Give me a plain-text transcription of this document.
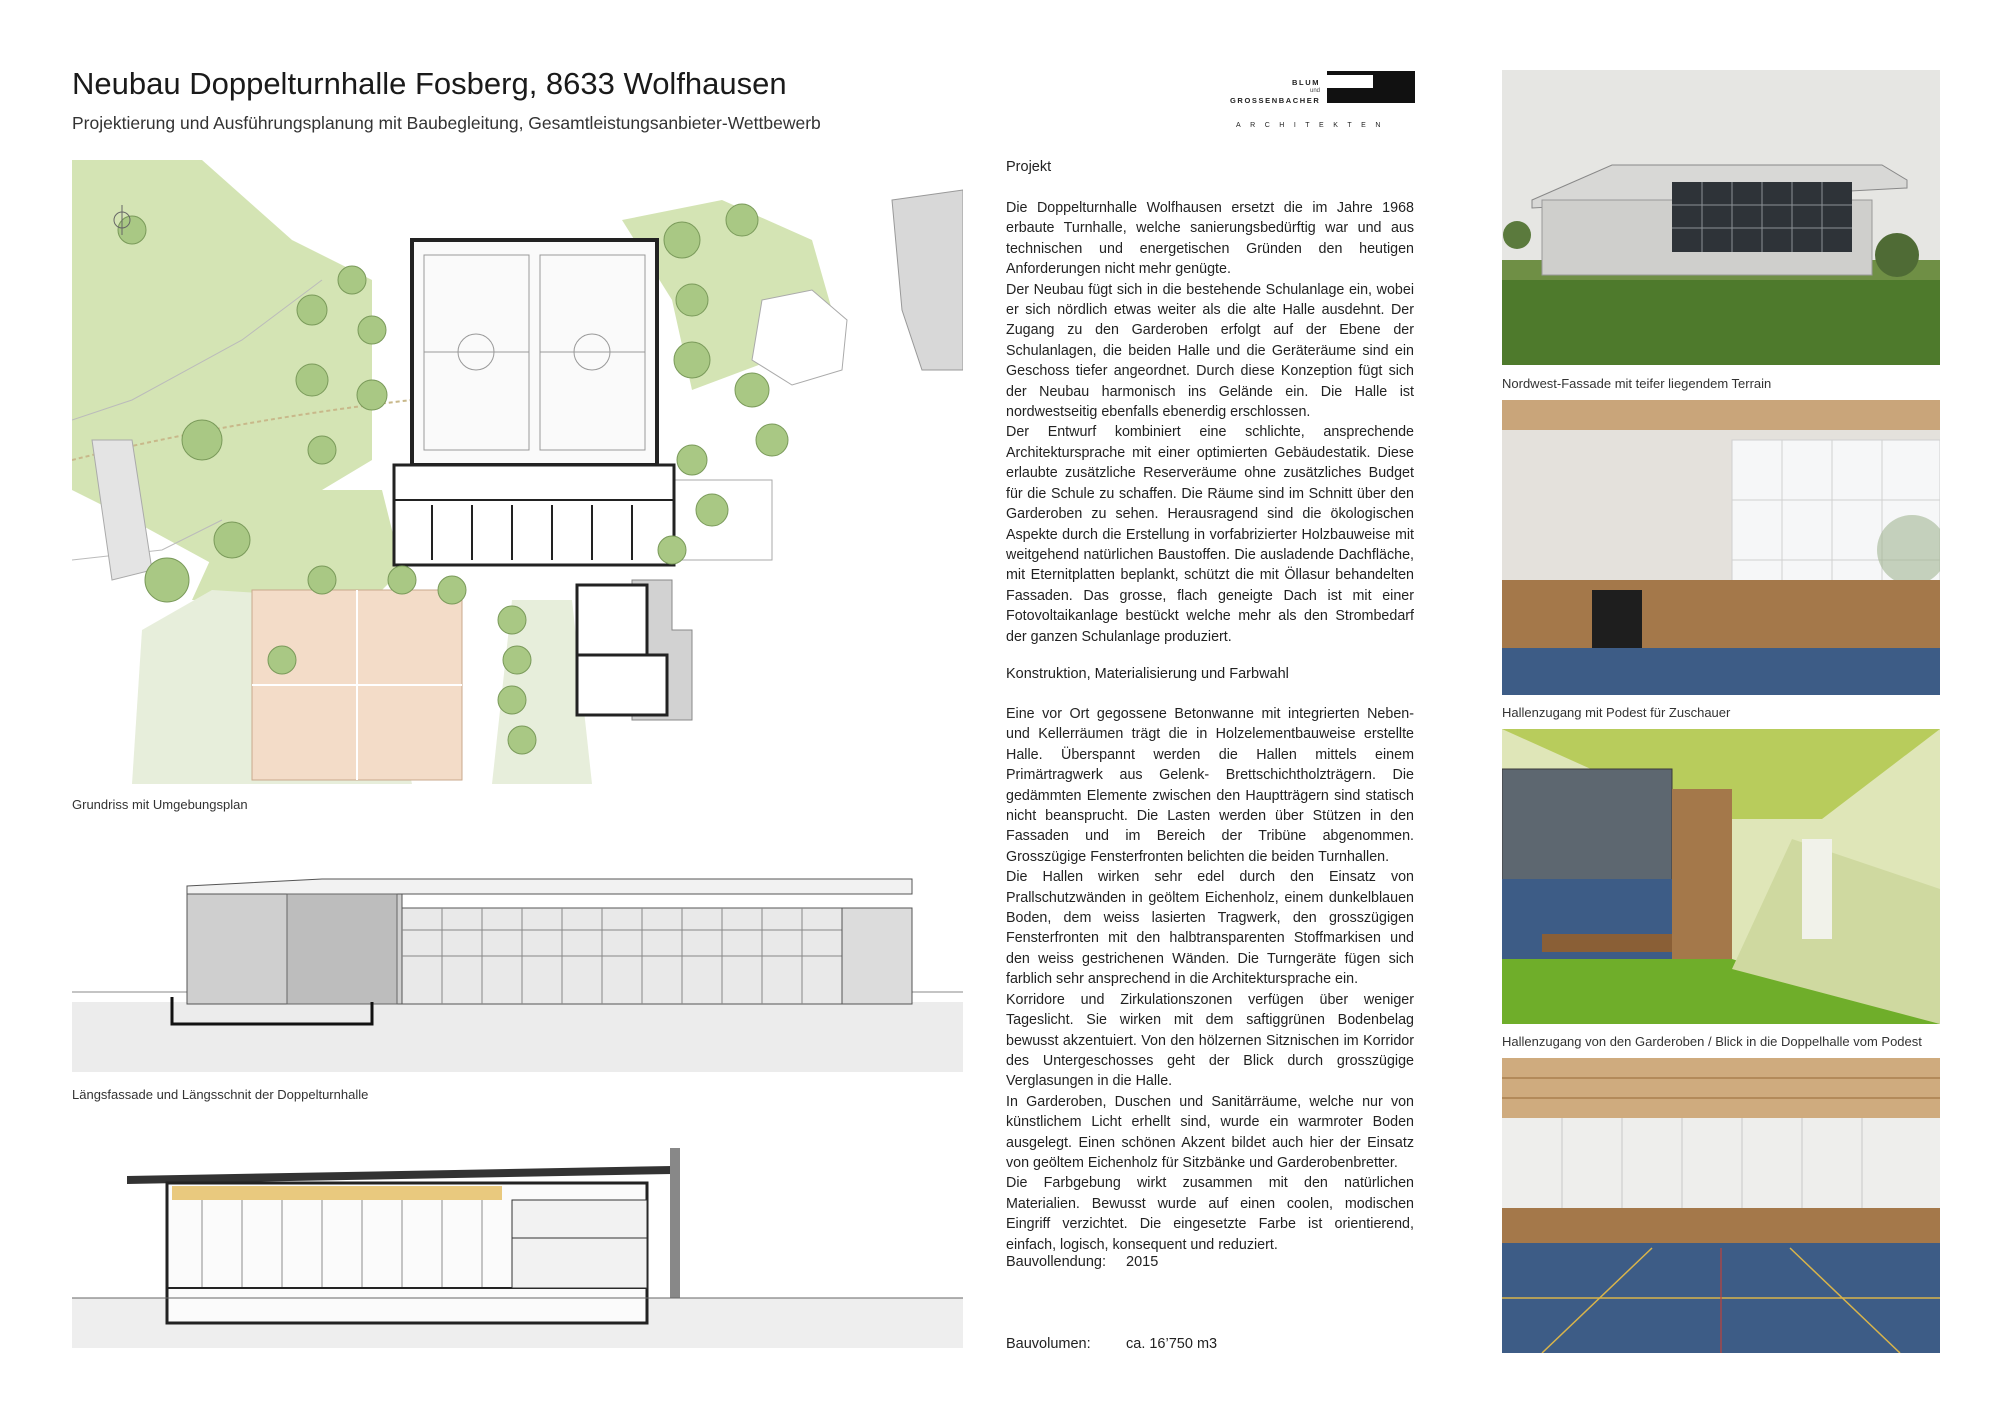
Neubau Doppelturnhalle Fosberg, 8633 Wolfhausen
Projektierung und Ausführungsplanung mit Baubegleitung, Gesamtleistungsanbieter-Wettbewerb
BLUM
und
GROSSENBACHER
ARCHITEKTEN
Grundriss mit Umgebungsplan
Längsfassade und Längsschnit der Doppelturnhalle
Projekt
Die Doppelturnhalle Wolfhausen ersetzt die im Jahre 1968 erbaute Turnhalle, welche sanierungsbedürftig war und aus technischen und energetischen Gründen den heutigen Anforderungen nicht mehr genügte.
Der Neubau fügt sich in die bestehende Schulanlage ein, wobei er sich nördlich etwas weiter als die alte Halle ausdehnt. Der Zugang zu den Garderoben erfolgt auf der Ebene der Schulanlagen, die beiden Halle und die Geräteräume sind ein Geschoss tiefer angeordnet. Durch diese Konzeption fügt sich der Neubau harmonisch ins Gelände ein. Die Halle ist nordwestseitig ebenfalls ebenerdig erschlossen.
Der Entwurf kombiniert eine schlichte, ansprechende Architektursprache mit einer optimierten Gebäudestatik. Diese erlaubte zusätzliche Reserveräume ohne zusätzliches Budget für die Schule zu schaffen. Die Räume sind im Schnitt über den Garderoben zu sehen. Herausragend sind die ökologischen Aspekte durch die Erstellung in vorfabrizierter Holzbauweise mit weitgehend natürlichen Baustoffen. Die ausladende Dachfläche, mit Eternitplatten beplankt, schützt die mit Öllasur behandelten Fassaden. Das grosse, flach geneigte Dach ist mit einer Fotovoltaikanlage bestückt welche mehr als den Strombedarf der ganzen Schulanlage produziert.
Konstruktion, Materialisierung und Farbwahl
Eine vor Ort gegossene Betonwanne mit integrierten Neben- und Kellerräumen trägt die in Holzelementbauweise erstellte Halle. Überspannt werden die Hallen mittels einem Primärtragwerk aus Gelenk- Brettschichtholzträgern. Die gedämmten Elemente zwischen den Hauptträgern sind statisch nicht beansprucht. Die Lasten werden über Stützen in den Fassaden und im Bereich der Tribüne abgenommen. Grosszügige Fensterfronten belichten die beiden Turnhallen.
Die Hallen wirken sehr edel durch den Einsatz von Prallschutzwänden in geöltem Eichenholz, einem dunkelblauen Boden, dem weiss lasierten Tragwerk, den grosszügigen Fensterfronten mit den halbtransparenten Stoffmarkisen und den weiss gestrichenen Wänden. Die Turngeräte fügen sich farblich sehr ansprechend in die Architektursprache ein.
Korridore und Zirkulationszonen verfügen über weniger Tageslicht. Sie wirken mit dem saftiggrünen Bodenbelag bewusst akzentuiert. Von den hölzernen Sitznischen im Korridor des Untergeschosses geht der Blick durch grosszügige Verglasungen in die Halle.
In Garderoben, Duschen und Sanitärräume, welche nur von künstlichem Licht erhellt sind, wurde ein warmroter Boden ausgelegt. Einen schönen Akzent bildet auch hier der Einsatz von geöltem Eichenholz für Sitzbänke und Garderobenbretter.
Die Farbgebung wirkt zusammen mit den natürlichen Materialien. Bewusst wurde auf einen coolen, modischen Eingriff verzichtet. Die eingesetzte Farbe ist orientierend, einfach, logisch, konsequent und reduziert.
Bauvollendung:	2015
Bauvolumen:	ca. 16’750 m3
Nordwest-Fassade mit teifer liegendem Terrain
Hallenzugang mit Podest für Zuschauer
Hallenzugang von den Garderoben / Blick in die Doppelhalle vom Podest
